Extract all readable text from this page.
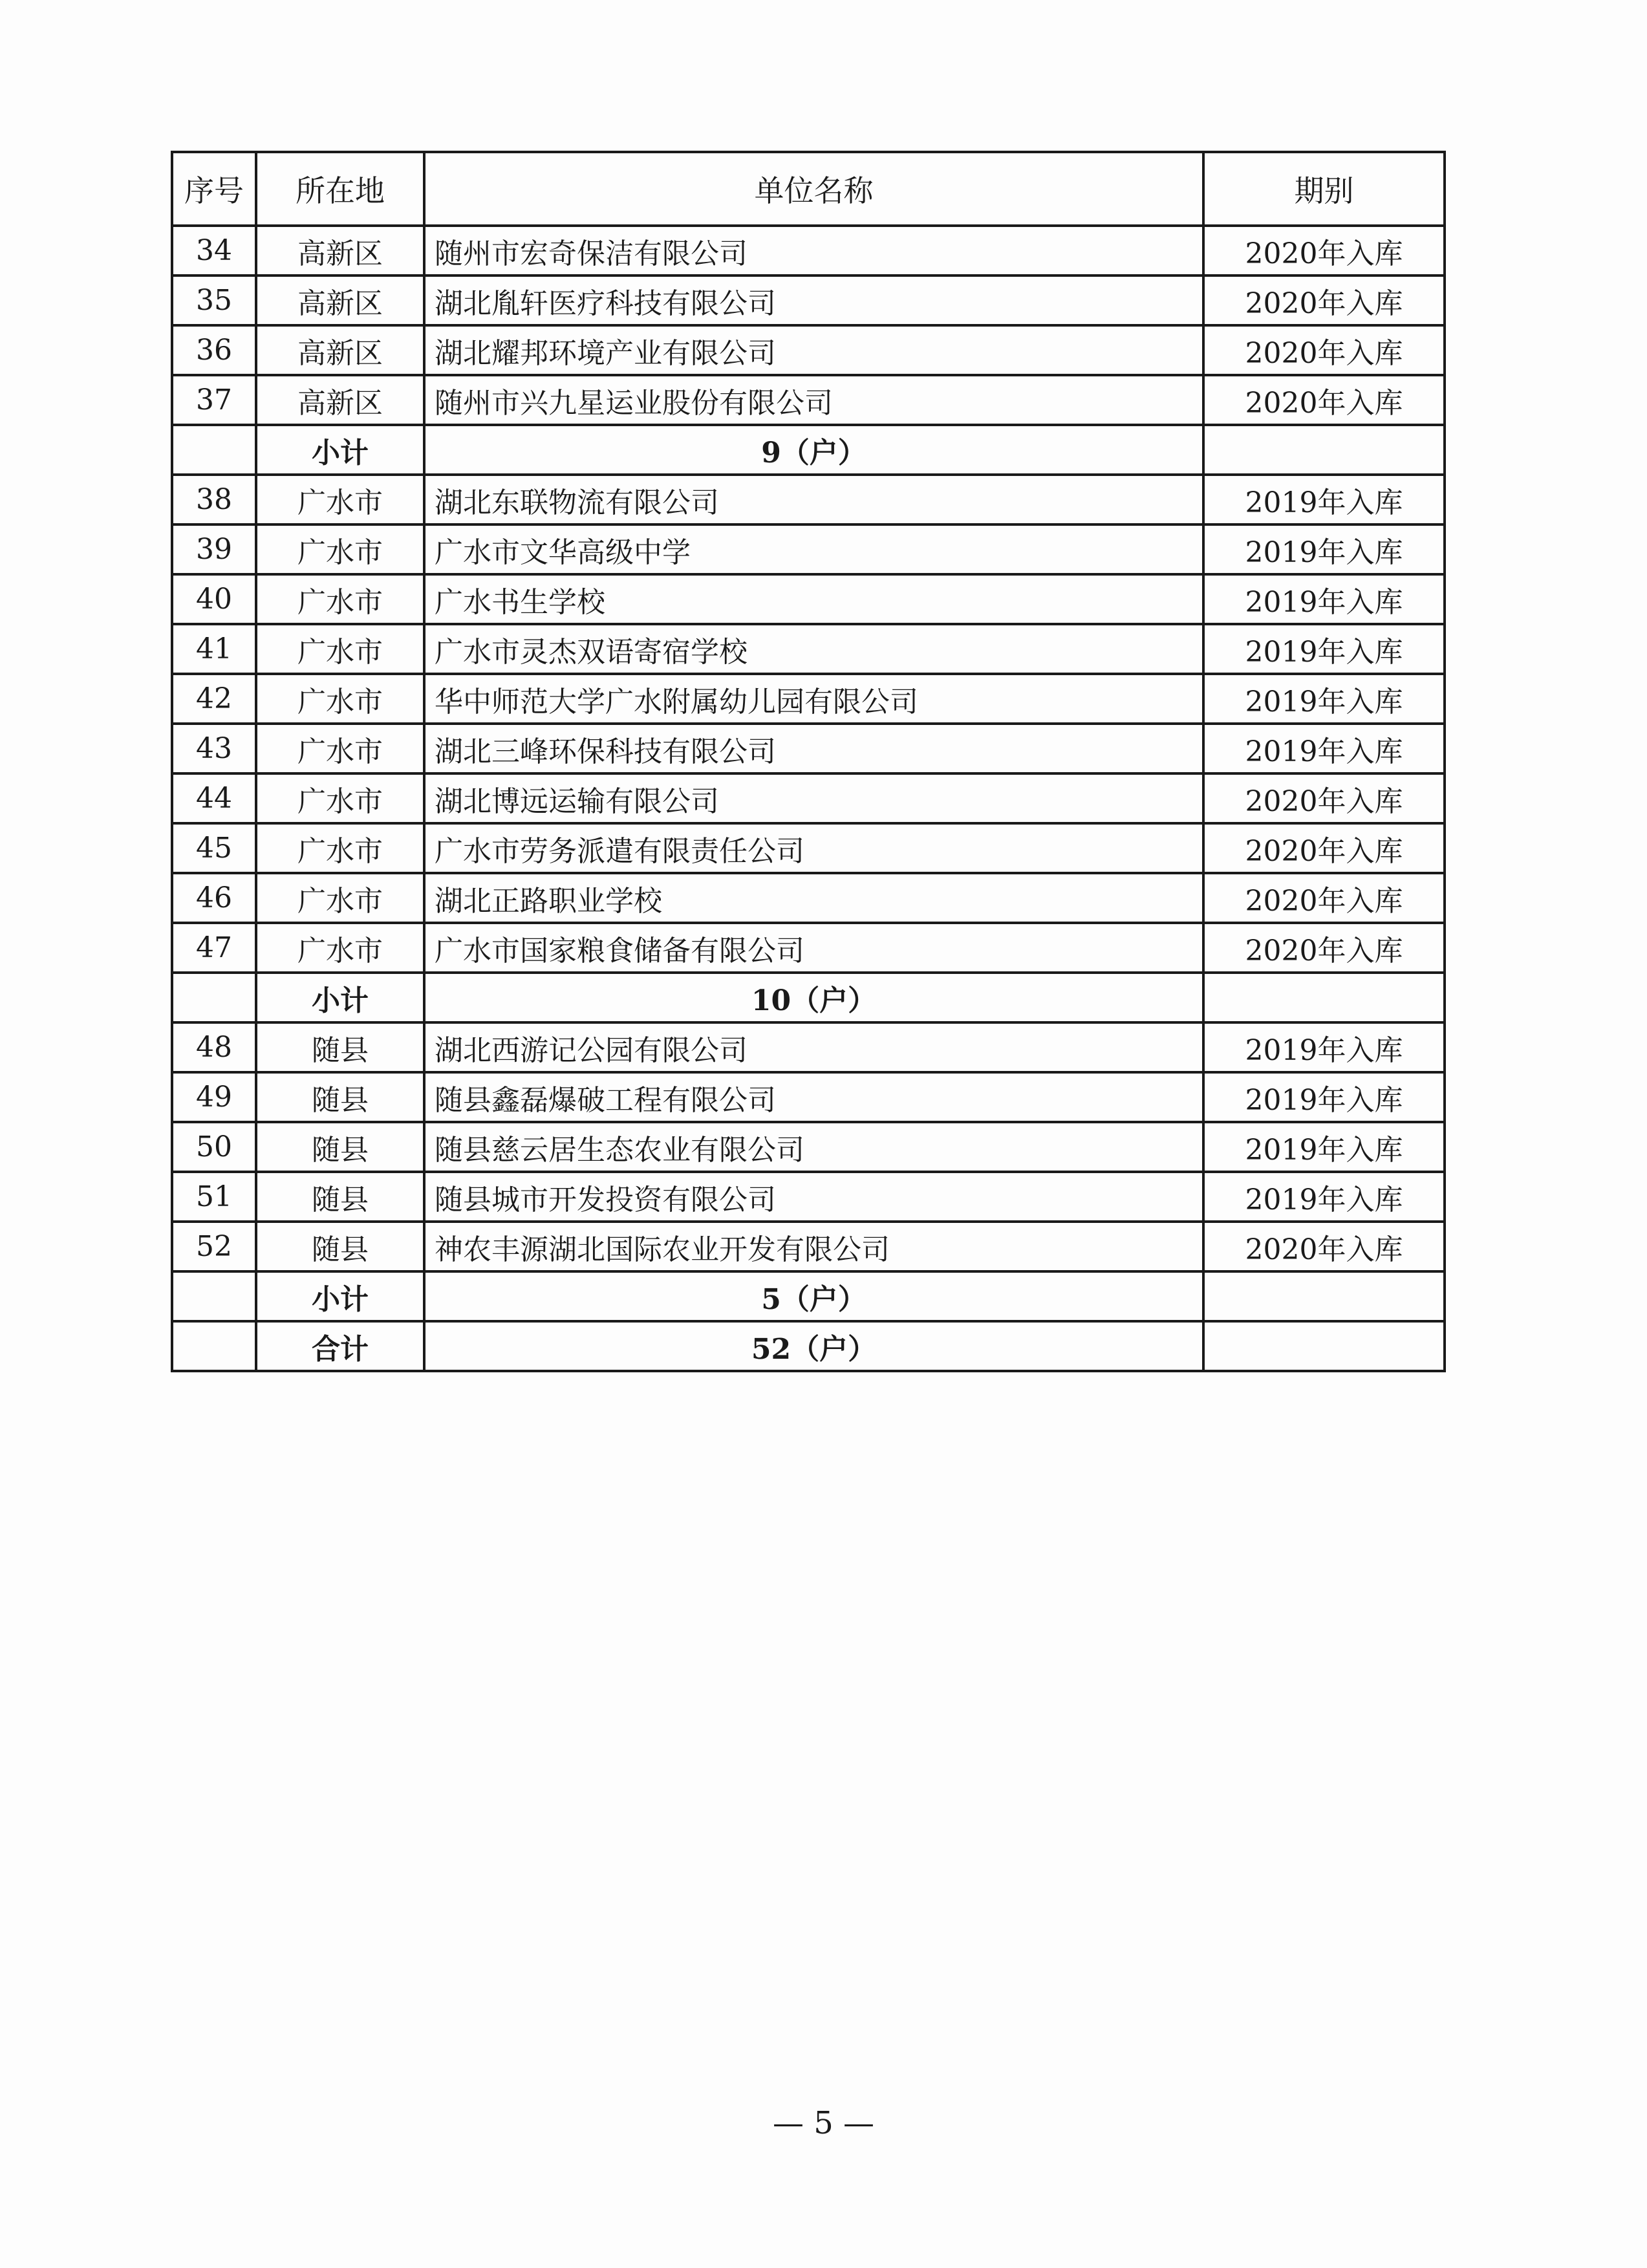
序号	所在地	单位名称	期别
34	高新区	随州市宏奇保洁有限公司	2020年入库
35	高新区	湖北胤轩医疗科技有限公司	2020年入库
36	高新区	湖北耀邦环境产业有限公司	2020年入库
37	高新区	随州市兴九星运业股份有限公司	2020年入库
	小计	9（户）	
38	广水市	湖北东联物流有限公司	2019年入库
39	广水市	广水市文华高级中学	2019年入库
40	广水市	广水书生学校	2019年入库
41	广水市	广水市灵杰双语寄宿学校	2019年入库
42	广水市	华中师范大学广水附属幼儿园有限公司	2019年入库
43	广水市	湖北三峰环保科技有限公司	2019年入库
44	广水市	湖北博远运输有限公司	2020年入库
45	广水市	广水市劳务派遣有限责任公司	2020年入库
46	广水市	湖北正路职业学校	2020年入库
47	广水市	广水市国家粮食储备有限公司	2020年入库
	小计	10（户）	
48	随县	湖北西游记公园有限公司	2019年入库
49	随县	随县鑫磊爆破工程有限公司	2019年入库
50	随县	随县慈云居生态农业有限公司	2019年入库
51	随县	随县城市开发投资有限公司	2019年入库
52	随县	神农丰源湖北国际农业开发有限公司	2020年入库
	小计	5（户）	
	合计	52（户）	
— 5 —
